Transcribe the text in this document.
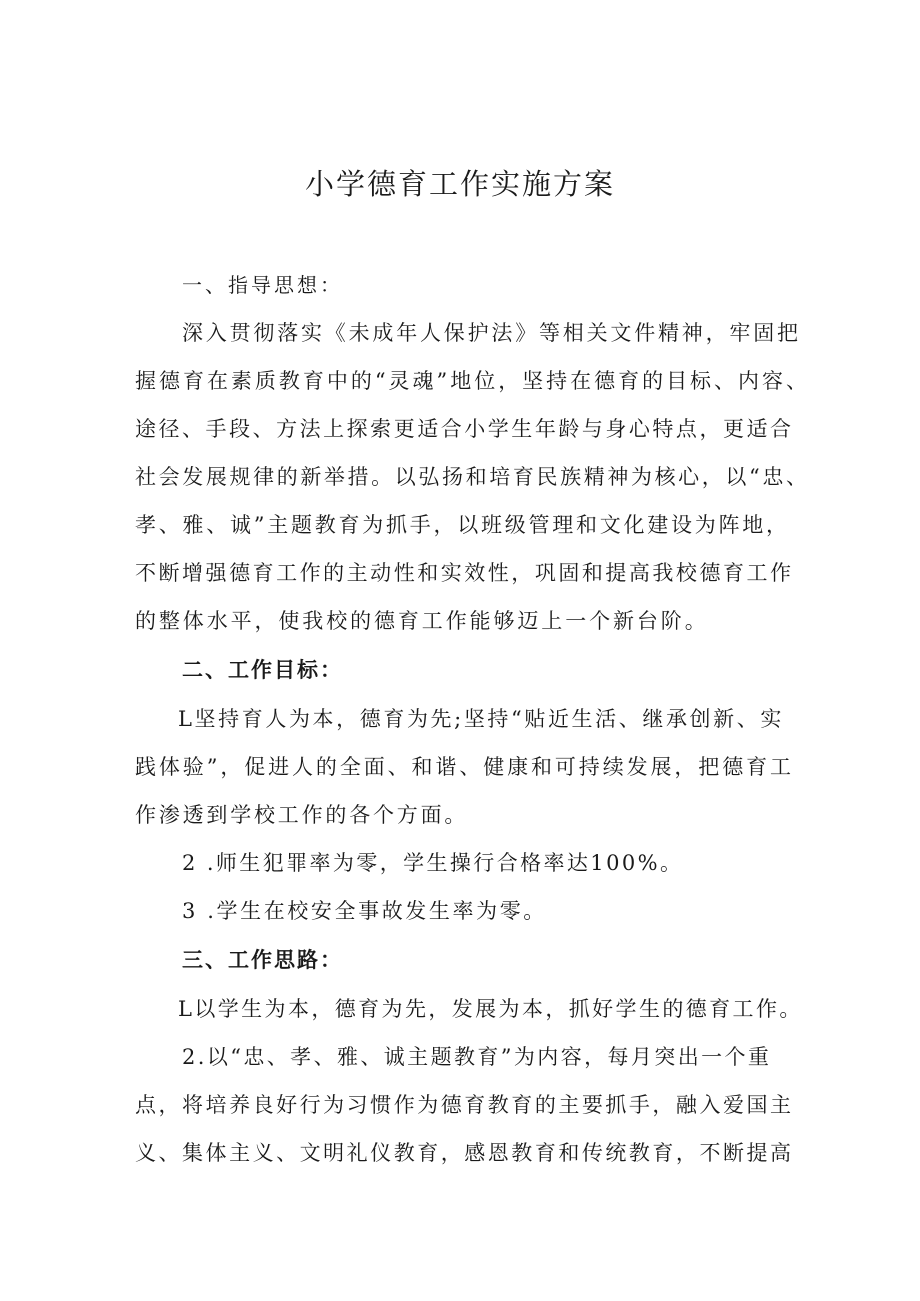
小学德育工作实施方案

一、指导思想：

深入贯彻落实《未成年人保护法》等相关文件精神，牢固把

握德育在素质教育中的“灵魂”地位，坚持在德育的目标、内容、

途径、手段、方法上探索更适合小学生年龄与身心特点，更适合

社会发展规律的新举措。以弘扬和培育民族精神为核心，以“忠、

孝、雅、诚”主题教育为抓手，以班级管理和文化建设为阵地，

不断增强德育工作的主动性和实效性，巩固和提高我校德育工作

的整体水平，使我校的德育工作能够迈上一个新台阶。

二、工作目标：

L坚持育人为本，德育为先;坚持“贴近生活、继承创新、实

践体验”，促进人的全面、和谐、健康和可持续发展，把德育工

作渗透到学校工作的各个方面。

2 .师生犯罪率为零，学生操行合格率达100%。

3 .学生在校安全事故发生率为零。

三、工作思路：

L以学生为本，德育为先，发展为本，抓好学生的德育工作。

2.以“忠、孝、雅、诚主题教育”为内容，每月突出一个重

点，将培养良好行为习惯作为德育教育的主要抓手，融入爱国主

义、集体主义、文明礼仪教育，感恩教育和传统教育，不断提高
